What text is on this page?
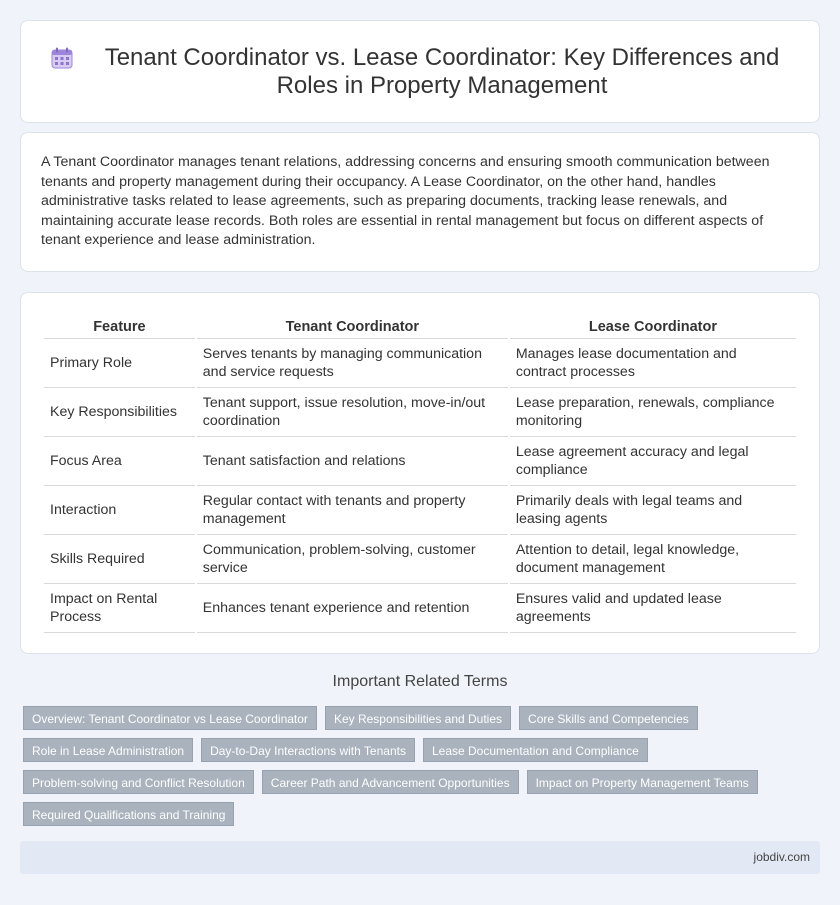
Tenant Coordinator vs. Lease Coordinator: Key Differences and Roles in Property Management

A Tenant Coordinator manages tenant relations, addressing concerns and ensuring smooth communication between tenants and property management during their occupancy. A Lease Coordinator, on the other hand, handles administrative tasks related to lease agreements, such as preparing documents, tracking lease renewals, and maintaining accurate lease records. Both roles are essential in rental management but focus on different aspects of tenant experience and lease administration.

Feature	Tenant Coordinator	Lease Coordinator
Primary Role	Serves tenants by managing communication and service requests	Manages lease documentation and contract processes
Key Responsibilities	Tenant support, issue resolution, move-in/out coordination	Lease preparation, renewals, compliance monitoring
Focus Area	Tenant satisfaction and relations	Lease agreement accuracy and legal compliance
Interaction	Regular contact with tenants and property management	Primarily deals with legal teams and leasing agents
Skills Required	Communication, problem-solving, customer service	Attention to detail, legal knowledge, document management
Impact on Rental Process	Enhances tenant experience and retention	Ensures valid and updated lease agreements
Important Related Terms
Overview: Tenant Coordinator vs Lease Coordinator	Key Responsibilities and Duties	Core Skills and Competencies
Role in Lease Administration	Day-to-Day Interactions with Tenants	Lease Documentation and Compliance
Problem-solving and Conflict Resolution	Career Path and Advancement Opportunities	Impact on Property Management Teams
Required Qualifications and Training
jobdiv.com
